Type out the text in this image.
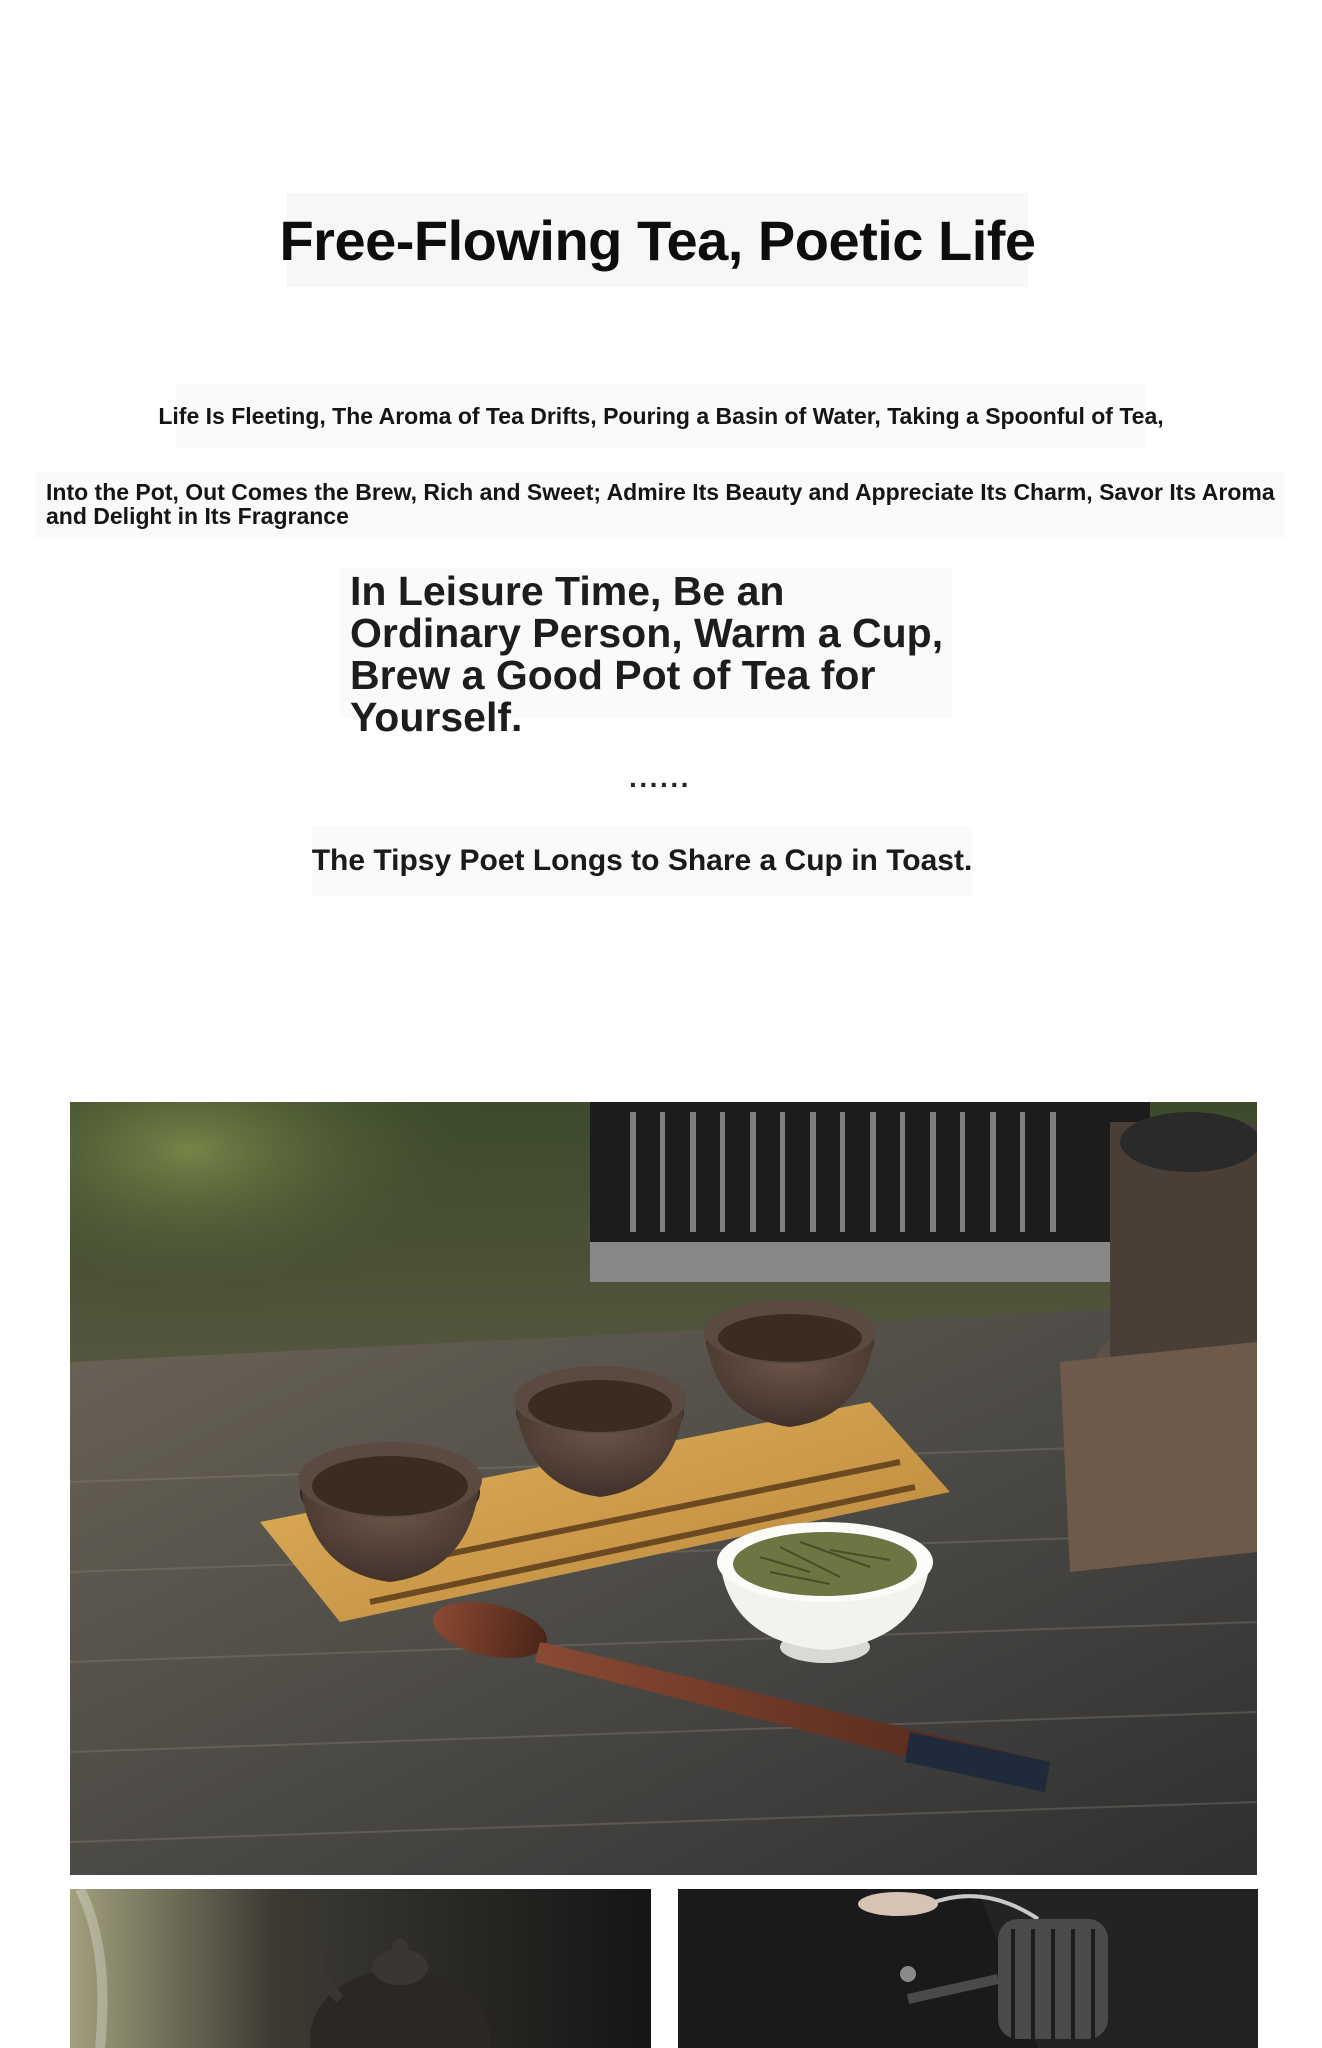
Free-Flowing Tea, Poetic Life
Life Is Fleeting, The Aroma of Tea Drifts, Pouring a Basin of Water, Taking a Spoonful of Tea,
Into the Pot, Out Comes the Brew, Rich and Sweet; Admire Its Beauty and Appreciate Its Charm, Savor Its Aroma and Delight in Its Fragrance
In Leisure Time, Be an Ordinary Person, Warm a Cup, Brew a Good Pot of Tea for Yourself.
······
The Tipsy Poet Longs to Share a Cup in Toast.
